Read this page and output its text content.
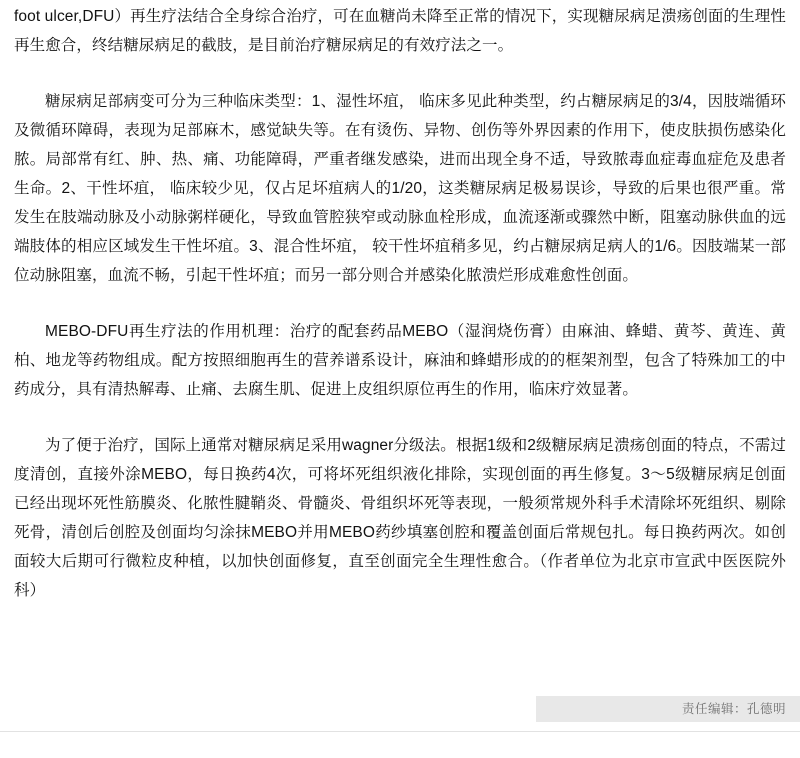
foot ulcer,DFU）再生疗法结合全身综合治疗，可在血糖尚未降至正常的情况下，实现糖尿病足溃疡创面的生理性再生愈合，终结糖尿病足的截肢，是目前治疗糖尿病足的有效疗法之一。

糖尿病足部病变可分为三种临床类型：1、湿性坏疽， 临床多见此种类型，约占糖尿病足的3/4，因肢端循环及微循环障碍，表现为足部麻木，感觉缺失等。在有烫伤、异物、创伤等外界因素的作用下，使皮肤损伤感染化脓。局部常有红、肿、热、痛、功能障碍，严重者继发感染，进而出现全身不适，导致脓毒血症毒血症危及患者生命。2、干性坏疽， 临床较少见，仅占足坏疽病人的1/20，这类糖尿病足极易误诊，导致的后果也很严重。常发生在肢端动脉及小动脉粥样硬化，导致血管腔狭窄或动脉血栓形成，血流逐渐或骤然中断，阻塞动脉供血的远端肢体的相应区域发生干性坏疽。3、混合性坏疽， 较干性坏疽稍多见，约占糖尿病足病人的1/6。因肢端某一部位动脉阻塞，血流不畅，引起干性坏疽；而另一部分则合并感染化脓溃烂形成难愈性创面。

MEBO-DFU再生疗法的作用机理：治疗的配套药品MEBO（湿润烧伤膏）由麻油、蜂蜡、黄芩、黄连、黄柏、地龙等药物组成。配方按照细胞再生的营养谱系设计，麻油和蜂蜡形成的的框架剂型，包含了特殊加工的中药成分，具有清热解毒、止痛、去腐生肌、促进上皮组织原位再生的作用，临床疗效显著。

为了便于治疗，国际上通常对糖尿病足采用wagner分级法。根据1级和2级糖尿病足溃疡创面的特点，不需过度清创，直接外涂MEBO，每日换药4次，可将坏死组织液化排除，实现创面的再生修复。3～5级糖尿病足创面已经出现坏死性筋膜炎、化脓性腱鞘炎、骨髓炎、骨组织坏死等表现，一般须常规外科手术清除坏死组织、剔除死骨，清创后创腔及创面均匀涂抹MEBO并用MEBO药纱填塞创腔和覆盖创面后常规包扎。每日换药两次。如创面较大后期可行微粒皮种植，以加快创面修复，直至创面完全生理性愈合。（作者单位为北京市宣武中医医院外科）

责任编辑：孔德明
